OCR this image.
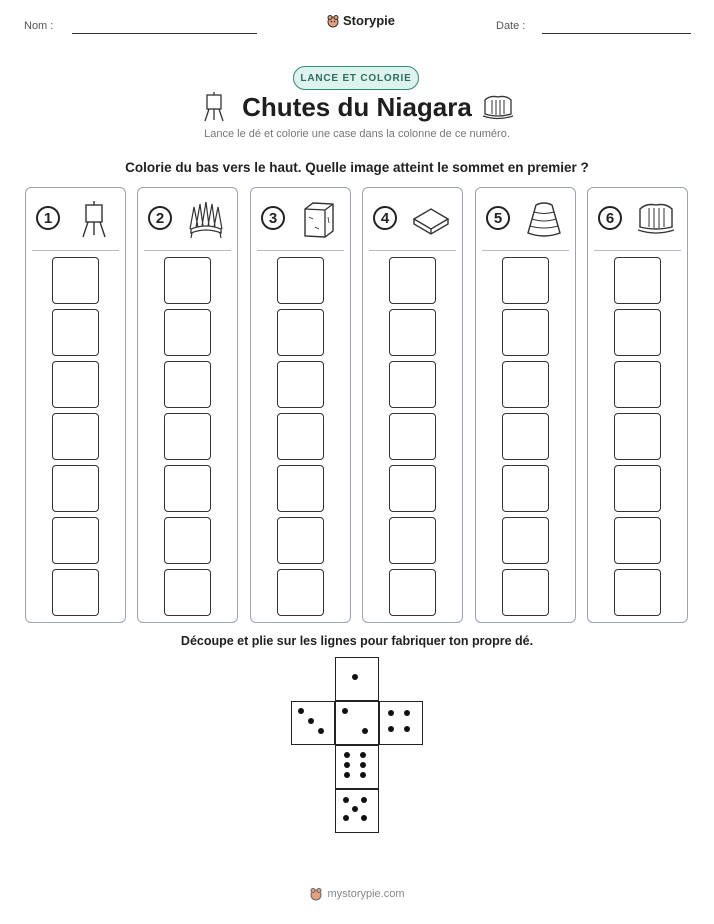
Nom :	Storypie	Date :
LANCE ET COLORIE
Chutes du Niagara
Lance le dé et colorie une case dans la colonne de ce numéro.
Colorie du bas vers le haut. Quelle image atteint le sommet en premier ?
1	2	3	4	5	6
Découpe et plie sur les lignes pour fabriquer ton propre dé.
mystorypie.com
